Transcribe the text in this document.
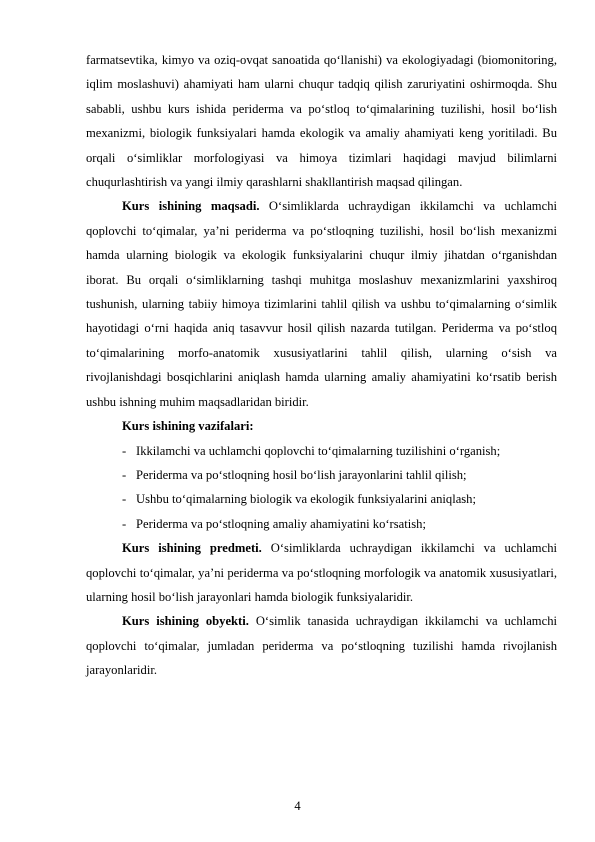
farmatsevtika, kimyo va oziq-ovqat sanoatida qo‘llanishi) va ekologiyadagi (biomonitoring, iqlim moslashuvi) ahamiyati ham ularni chuqur tadqiq qilish zaruriyatini oshirmoqda. Shu sababli, ushbu kurs ishida periderma va po‘stloq to‘qimalarining tuzilishi, hosil bo‘lish mexanizmi, biologik funksiyalari hamda ekologik va amaliy ahamiyati keng yoritiladi. Bu orqali o‘simliklar morfologiyasi va himoya tizimlari haqidagi mavjud bilimlarni chuqurlashtirish va yangi ilmiy qarashlarni shakllantirish maqsad qilingan.

Kurs ishining maqsadi. O‘simliklarda uchraydigan ikkilamchi va uchlamchi qoplovchi to‘qimalar, ya’ni periderma va po‘stloqning tuzilishi, hosil bo‘lish mexanizmi hamda ularning biologik va ekologik funksiyalarini chuqur ilmiy jihatdan o‘rganishdan iborat. Bu orqali o‘simliklarning tashqi muhitga moslashuv mexanizmlarini yaxshiroq tushunish, ularning tabiiy himoya tizimlarini tahlil qilish va ushbu to‘qimalarning o‘simlik hayotidagi o‘rni haqida aniq tasavvur hosil qilish nazarda tutilgan. Periderma va po‘stloq to‘qimalarining morfo-anatomik xususiyatlarini tahlil qilish, ularning o‘sish va rivojlanishdagi bosqichlarini aniqlash hamda ularning amaliy ahamiyatini ko‘rsatib berish ushbu ishning muhim maqsadlaridan biridir.

Kurs ishining vazifalari:

- Ikkilamchi va uchlamchi qoplovchi to‘qimalarning tuzilishini o‘rganish;

- Periderma va po‘stloqning hosil bo‘lish jarayonlarini tahlil qilish;

- Ushbu to‘qimalarning biologik va ekologik funksiyalarini aniqlash;

- Periderma va po‘stloqning amaliy ahamiyatini ko‘rsatish;

Kurs ishining predmeti. O‘simliklarda uchraydigan ikkilamchi va uchlamchi qoplovchi to‘qimalar, ya’ni periderma va po‘stloqning morfologik va anatomik xususiyatlari, ularning hosil bo‘lish jarayonlari hamda biologik funksiyalaridir.

Kurs ishining obyekti. O‘simlik tanasida uchraydigan ikkilamchi va uchlamchi qoplovchi to‘qimalar, jumladan periderma va po‘stloqning tuzilishi hamda rivojlanish jarayonlaridir.

4
